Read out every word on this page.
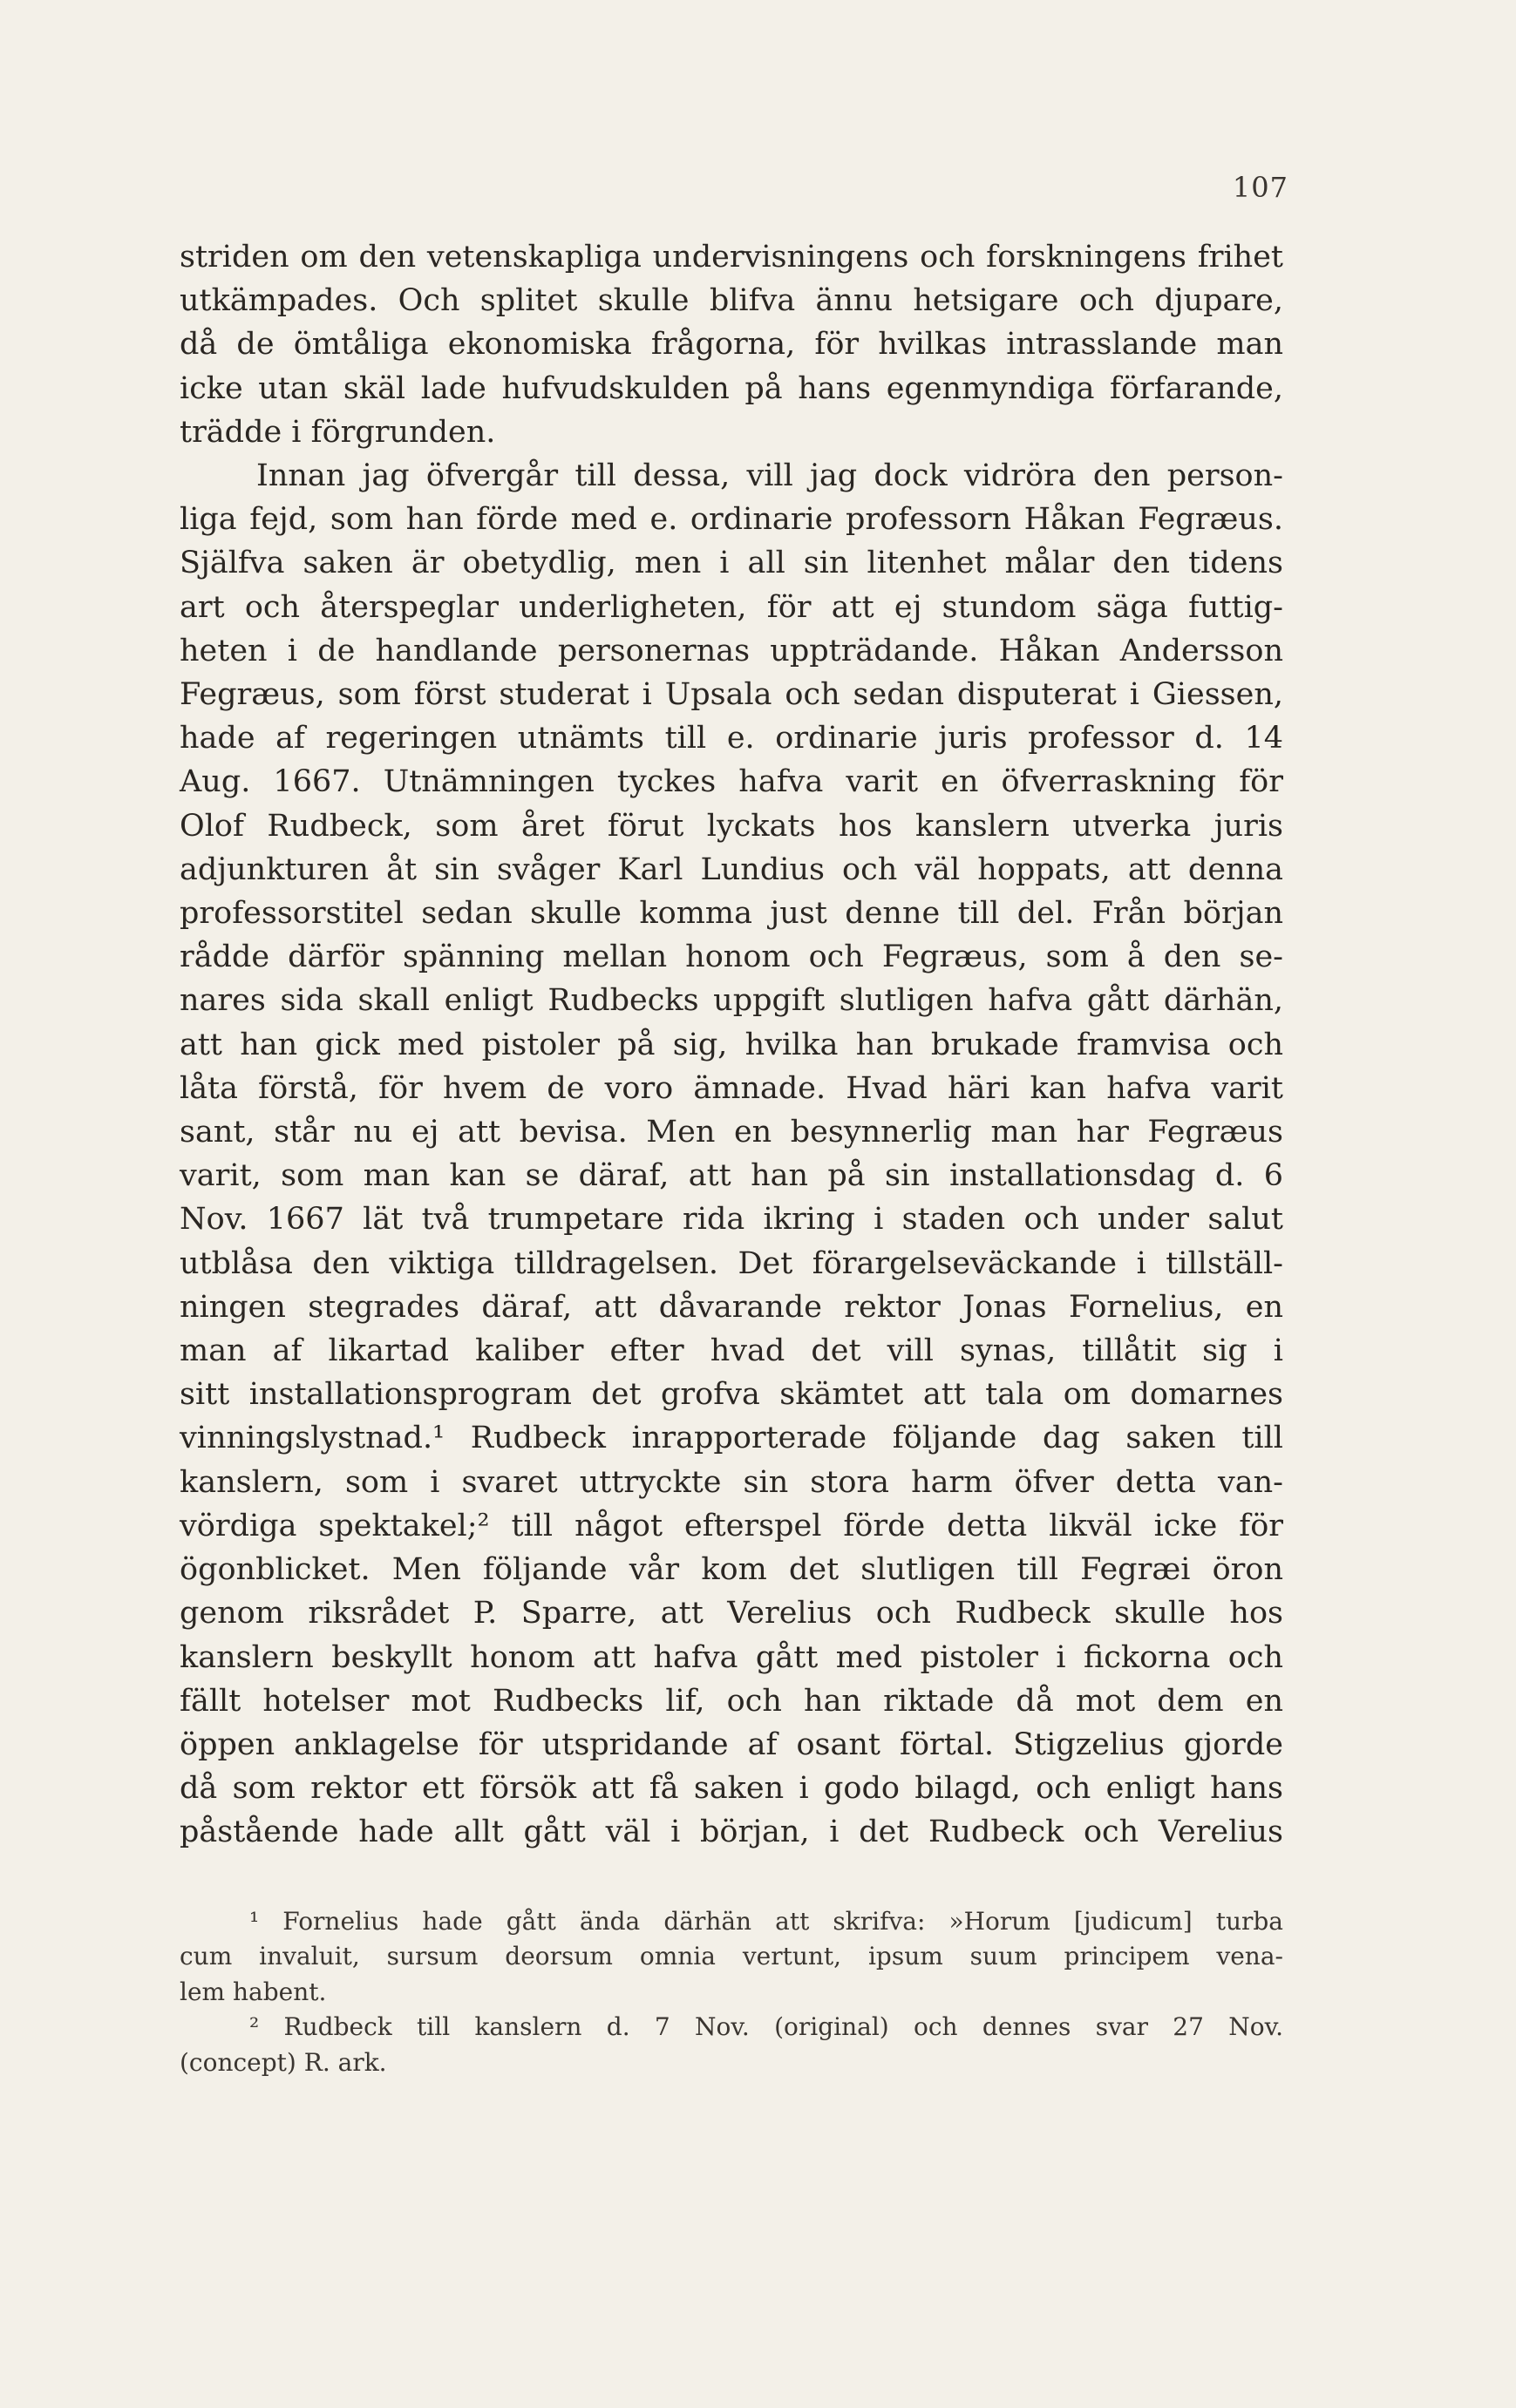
107
striden om den vetenskapliga undervisningens och forskningens frihet
utkämpades. Och splitet skulle blifva ännu hetsigare och djupare,
då de ömtåliga ekonomiska frågorna, för hvilkas intrasslande man
icke utan skäl lade hufvudskulden på hans egenmyndiga förfarande,
trädde i förgrunden.
Innan jag öfvergår till dessa, vill jag dock vidröra den person-
liga fejd, som han förde med e. ordinarie professorn Håkan Fegræus.
Själfva saken är obetydlig, men i all sin litenhet målar den tidens
art och återspeglar underligheten, för att ej stundom säga futtig-
heten i de handlande personernas uppträdande. Håkan Andersson
Fegræus, som först studerat i Upsala och sedan disputerat i Giessen,
hade af regeringen utnämts till e. ordinarie juris professor d. 14
Aug. 1667. Utnämningen tyckes hafva varit en öfverraskning för
Olof Rudbeck, som året förut lyckats hos kanslern utverka juris
adjunkturen åt sin svåger Karl Lundius och väl hoppats, att denna
professorstitel sedan skulle komma just denne till del. Från början
rådde därför spänning mellan honom och Fegræus, som å den se-
nares sida skall enligt Rudbecks uppgift slutligen hafva gått därhän,
att han gick med pistoler på sig, hvilka han brukade framvisa och
låta förstå, för hvem de voro ämnade. Hvad häri kan hafva varit
sant, står nu ej att bevisa. Men en besynnerlig man har Fegræus
varit, som man kan se däraf, att han på sin installationsdag d. 6
Nov. 1667 lät två trumpetare rida ikring i staden och under salut
utblåsa den viktiga tilldragelsen. Det förargelseväckande i tillställ-
ningen stegrades däraf, att dåvarande rektor Jonas Fornelius, en
man af likartad kaliber efter hvad det vill synas, tillåtit sig i
sitt installationsprogram det grofva skämtet att tala om domarnes
vinningslystnad.¹ Rudbeck inrapporterade följande dag saken till
kanslern, som i svaret uttryckte sin stora harm öfver detta van-
vördiga spektakel;² till något efterspel förde detta likväl icke för
ögonblicket. Men följande vår kom det slutligen till Fegræi öron
genom riksrådet P. Sparre, att Verelius och Rudbeck skulle hos
kanslern beskyllt honom att hafva gått med pistoler i fickorna och
fällt hotelser mot Rudbecks lif, och han riktade då mot dem en
öppen anklagelse för utspridande af osant förtal. Stigzelius gjorde
då som rektor ett försök att få saken i godo bilagd, och enligt hans
påstående hade allt gått väl i början, i det Rudbeck och Verelius
¹ Fornelius hade gått ända därhän att skrifva: »Horum [judicum] turba
cum invaluit, sursum deorsum omnia vertunt, ipsum suum principem vena-
lem habent.
² Rudbeck till kanslern d. 7 Nov. (original) och dennes svar 27 Nov.
(concept) R. ark.
